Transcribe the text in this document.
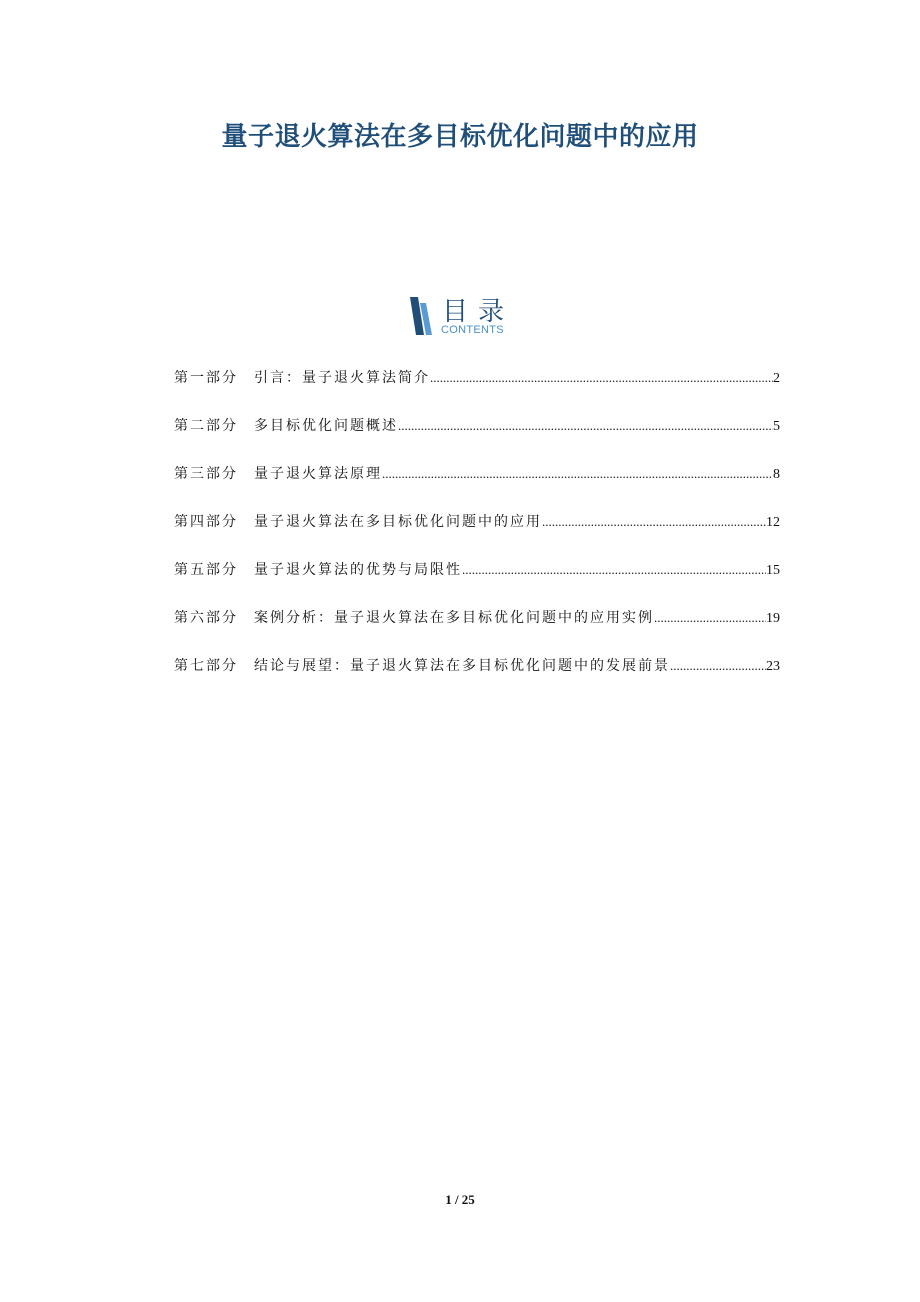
量子退火算法在多目标优化问题中的应用
目录
CONTENTS
第一部分	引言：量子退火算法简介 .....	2
第二部分	多目标优化问题概述 .....	5
第三部分	量子退火算法原理 .....	8
第四部分	量子退火算法在多目标优化问题中的应用 .....	12
第五部分	量子退火算法的优势与局限性 .....	15
第六部分	案例分析：量子退火算法在多目标优化问题中的应用实例 .....	19
第七部分	结论与展望：量子退火算法在多目标优化问题中的发展前景 .....	23
1 / 25
